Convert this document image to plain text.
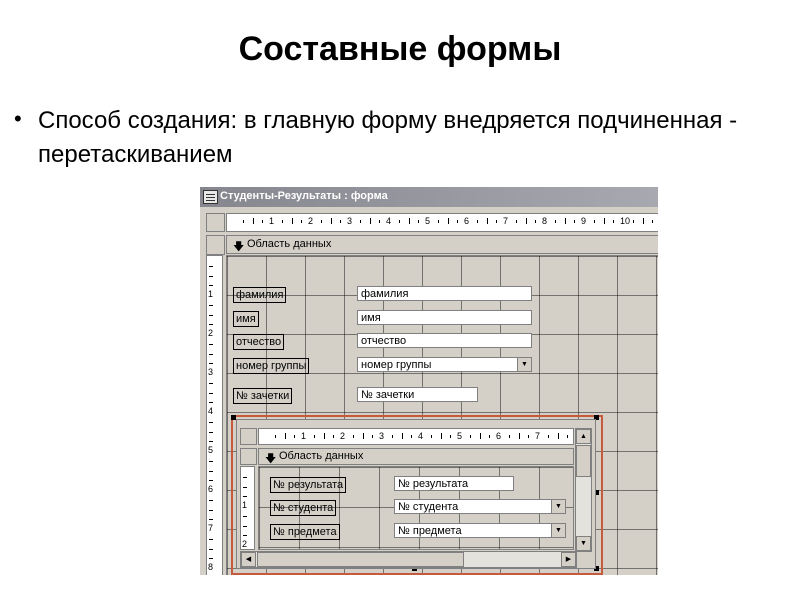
Составные формы
• Способ создания: в главную форму внедряется подчиненная - перетаскиванием
Студенты-Результаты : форма
1	2	3	4	5	6	7	8	9	10
🡇 Область данных
1
2
3
4
5
6
7
8
фамилия	фамилия
имя	имя
отчество	отчество
номер группы	номер группы	▼
№ зачетки	№ зачетки
1	2	3	4	5	6	7
🡇 Область данных
1
2
№ результата	№ результата
№ студента	№ студента	▼
№ предмета	№ предмета	▼
▲
▼
◀	▶
